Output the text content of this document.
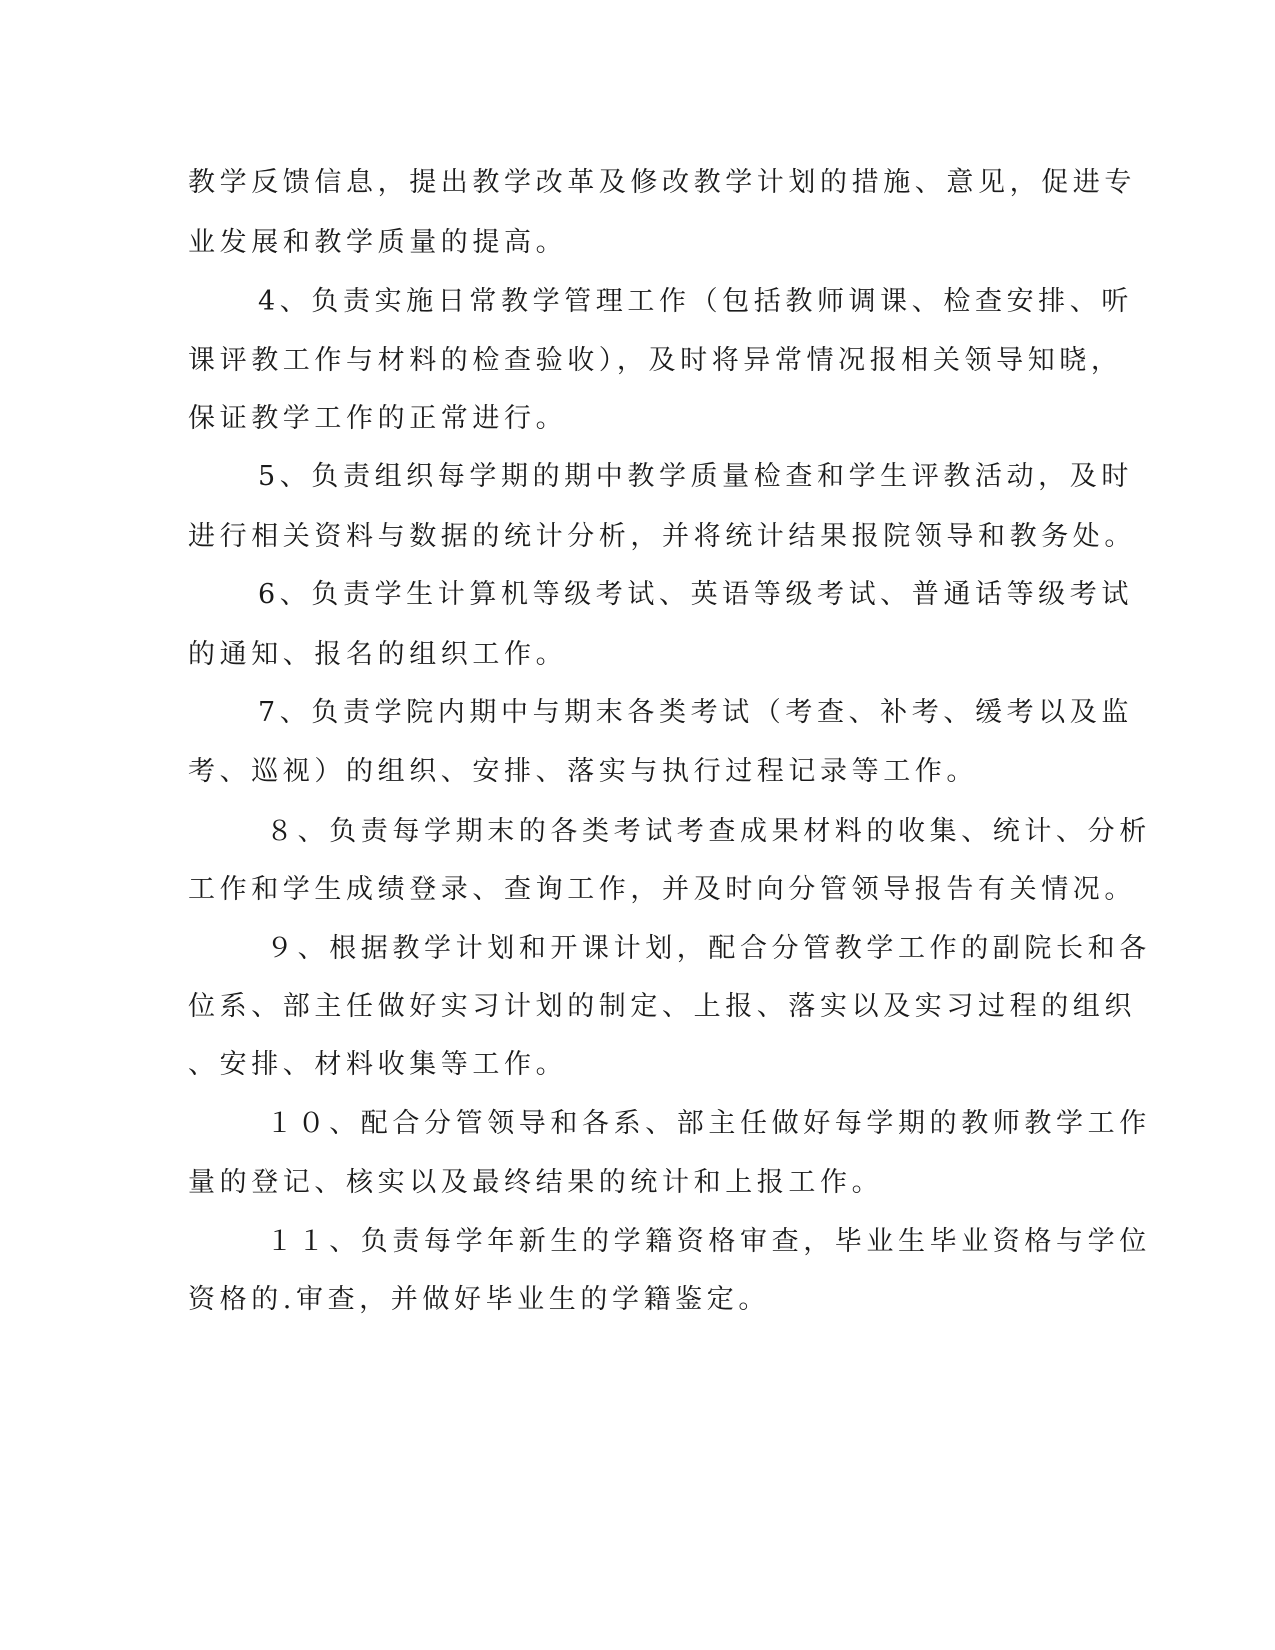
教学反馈信息，提出教学改革及修改教学计划的措施、意见，促进专

业发展和教学质量的提高。

4、负责实施日常教学管理工作（包括教师调课、检查安排、听

课评教工作与材料的检查验收），及时将异常情况报相关领导知晓，

保证教学工作的正常进行。

5、负责组织每学期的期中教学质量检查和学生评教活动，及时

进行相关资料与数据的统计分析，并将统计结果报院领导和教务处。

6、负责学生计算机等级考试、英语等级考试、普通话等级考试

的通知、报名的组织工作。

7、负责学院内期中与期末各类考试（考查、补考、缓考以及监

考、巡视）的组织、安排、落实与执行过程记录等工作。

８、负责每学期末的各类考试考查成果材料的收集、统计、分析

工作和学生成绩登录、查询工作，并及时向分管领导报告有关情况。

９、根据教学计划和开课计划，配合分管教学工作的副院长和各

位系、部主任做好实习计划的制定、上报、落实以及实习过程的组织

、安排、材料收集等工作。

１０、配合分管领导和各系、部主任做好每学期的教师教学工作

量的登记、核实以及最终结果的统计和上报工作。

１１、负责每学年新生的学籍资格审查，毕业生毕业资格与学位

资格的.审查，并做好毕业生的学籍鉴定。
